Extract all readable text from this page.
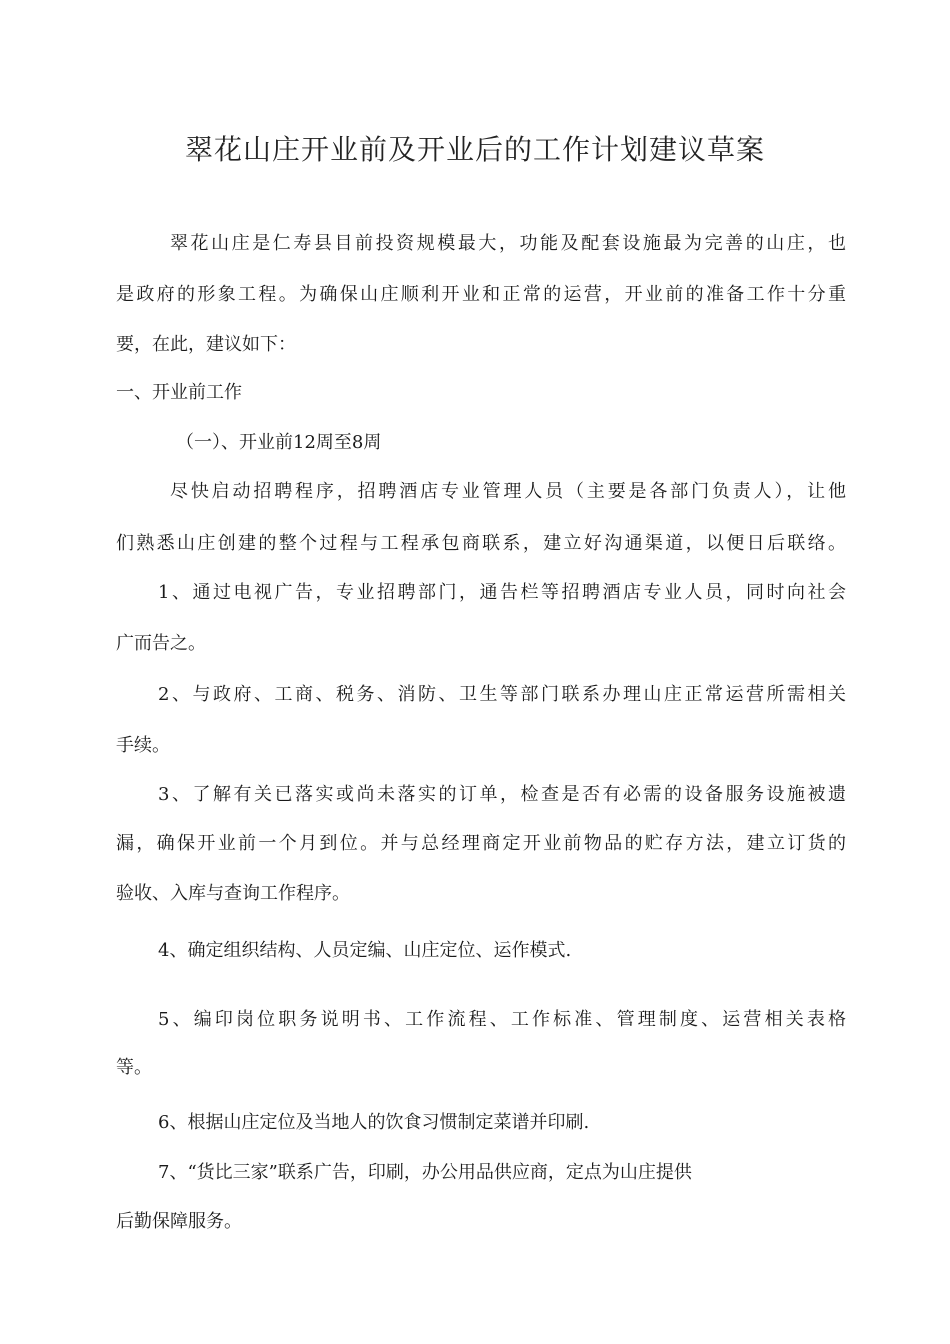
翠花山庄开业前及开业后的工作计划建议草案

翠花山庄是仁寿县目前投资规模最大，功能及配套设施最为完善的山庄，也

是政府的形象工程。为确保山庄顺利开业和正常的运营，开业前的准备工作十分重

要，在此，建议如下：

一、开业前工作

（一）、开业前12周至8周

尽快启动招聘程序，招聘酒店专业管理人员（主要是各部门负责人），让他

们熟悉山庄创建的整个过程与工程承包商联系，建立好沟通渠道，以便日后联络。

1、通过电视广告，专业招聘部门，通告栏等招聘酒店专业人员，同时向社会

广而告之。

2、与政府、工商、税务、消防、卫生等部门联系办理山庄正常运营所需相关

手续。

3、了解有关已落实或尚未落实的订单，检查是否有必需的设备服务设施被遗

漏，确保开业前一个月到位。并与总经理商定开业前物品的贮存方法，建立订货的

验收、入库与查询工作程序。

4、确定组织结构、人员定编、山庄定位、运作模式.

5、编印岗位职务说明书、工作流程、工作标准、管理制度、运营相关表格

等。

6、根据山庄定位及当地人的饮食习惯制定菜谱并印刷.

7、“货比三家”联系广告，印刷，办公用品供应商，定点为山庄提供

后勤保障服务。
